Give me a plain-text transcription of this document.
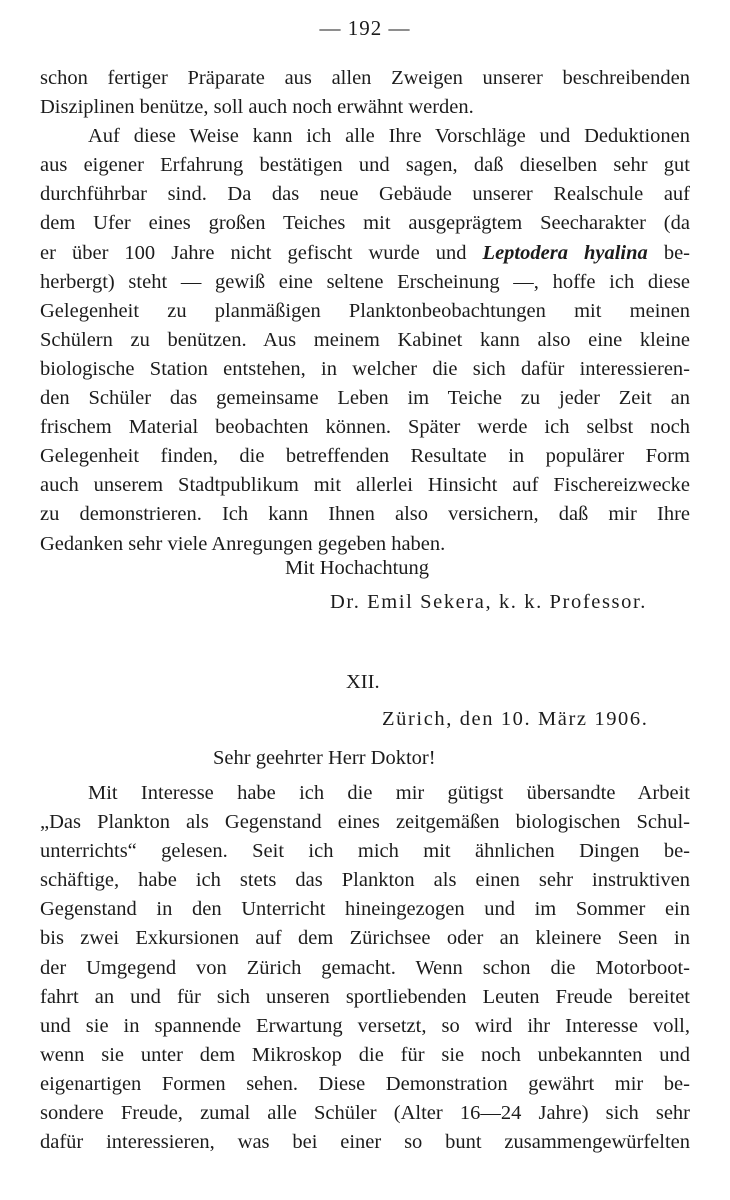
— 192 —
schon fertiger Präparate aus allen Zweigen unserer beschreibenden
Disziplinen benütze, soll auch noch erwähnt werden.
Auf diese Weise kann ich alle Ihre Vorschläge und Deduktionen
aus eigener Erfahrung bestätigen und sagen, daß dieselben sehr gut
durchführbar sind. Da das neue Gebäude unserer Realschule auf
dem Ufer eines großen Teiches mit ausgeprägtem Seecharakter (da
er über 100 Jahre nicht gefischt wurde und Leptodera hyalina be-
herbergt) steht — gewiß eine seltene Erscheinung —, hoffe ich diese
Gelegenheit zu planmäßigen Planktonbeobachtungen mit meinen
Schülern zu benützen. Aus meinem Kabinet kann also eine kleine
biologische Station entstehen, in welcher die sich dafür interessieren-
den Schüler das gemeinsame Leben im Teiche zu jeder Zeit an
frischem Material beobachten können. Später werde ich selbst noch
Gelegenheit finden, die betreffenden Resultate in populärer Form
auch unserem Stadtpublikum mit allerlei Hinsicht auf Fischereizwecke
zu demonstrieren. Ich kann Ihnen also versichern, daß mir Ihre
Gedanken sehr viele Anregungen gegeben haben.
Mit Hochachtung
Dr. Emil Sekera, k. k. Professor.
XII.
Zürich, den 10. März 1906.
Sehr geehrter Herr Doktor!
Mit Interesse habe ich die mir gütigst übersandte Arbeit
„Das Plankton als Gegenstand eines zeitgemäßen biologischen Schul-
unterrichts“ gelesen. Seit ich mich mit ähnlichen Dingen be-
schäftige, habe ich stets das Plankton als einen sehr instruktiven
Gegenstand in den Unterricht hineingezogen und im Sommer ein
bis zwei Exkursionen auf dem Zürichsee oder an kleinere Seen in
der Umgegend von Zürich gemacht. Wenn schon die Motorboot-
fahrt an und für sich unseren sportliebenden Leuten Freude bereitet
und sie in spannende Erwartung versetzt, so wird ihr Interesse voll,
wenn sie unter dem Mikroskop die für sie noch unbekannten und
eigenartigen Formen sehen. Diese Demonstration gewährt mir be-
sondere Freude, zumal alle Schüler (Alter 16—24 Jahre) sich sehr
dafür interessieren, was bei einer so bunt zusammengewürfelten
